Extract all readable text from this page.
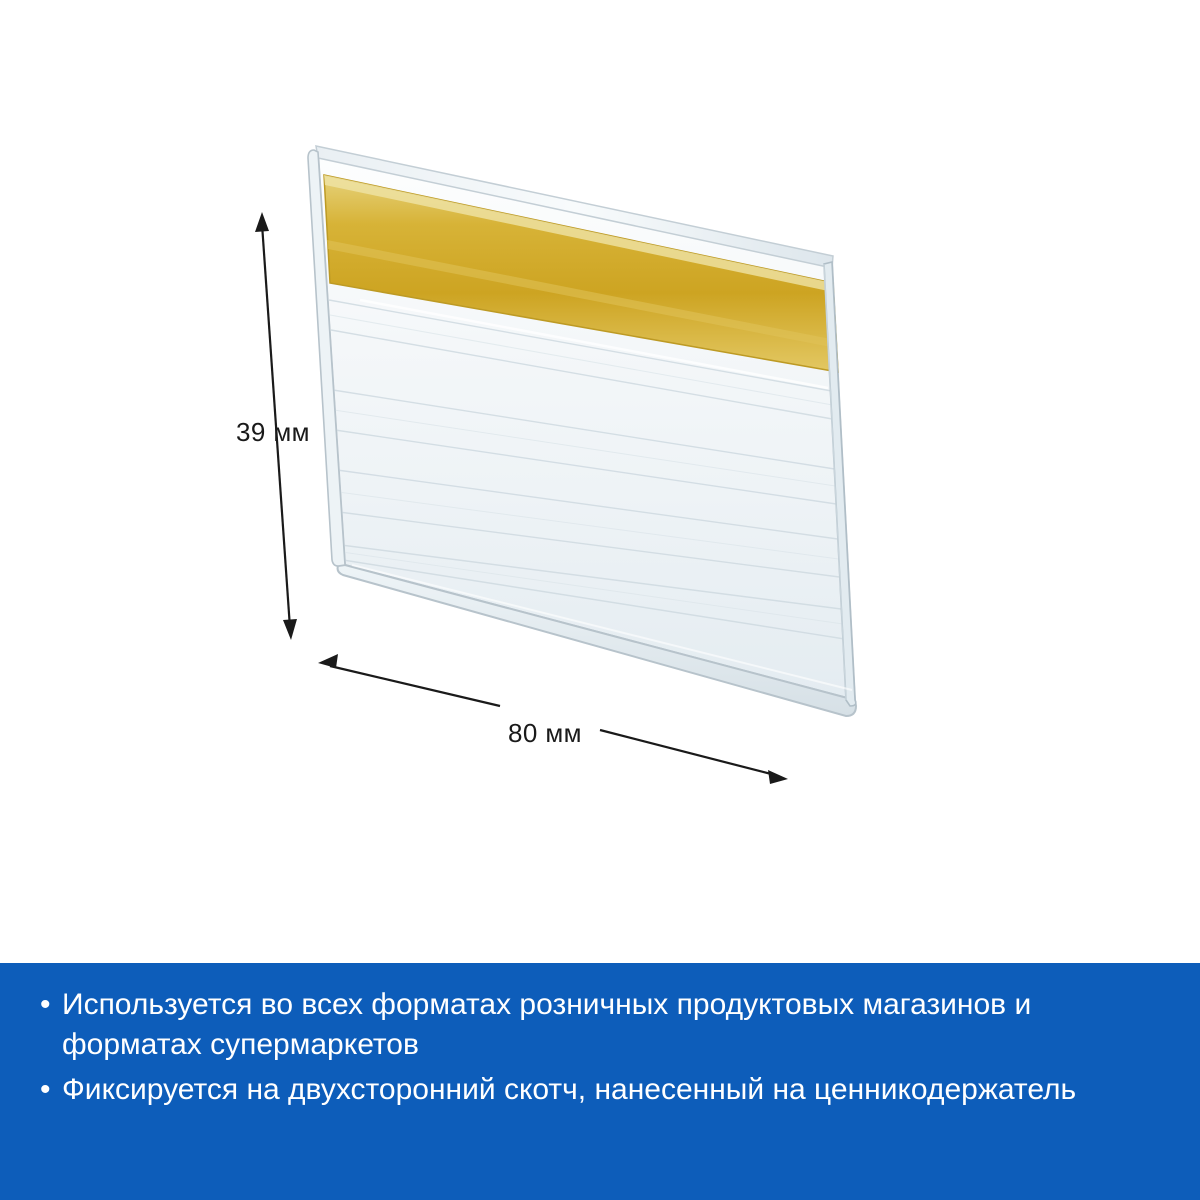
39 мм
80 мм
• Используется во всех форматах розничных продуктовых магазинов и форматах супермаркетов
• Фиксируется на двухсторонний скотч, нанесенный на ценникодержатель
